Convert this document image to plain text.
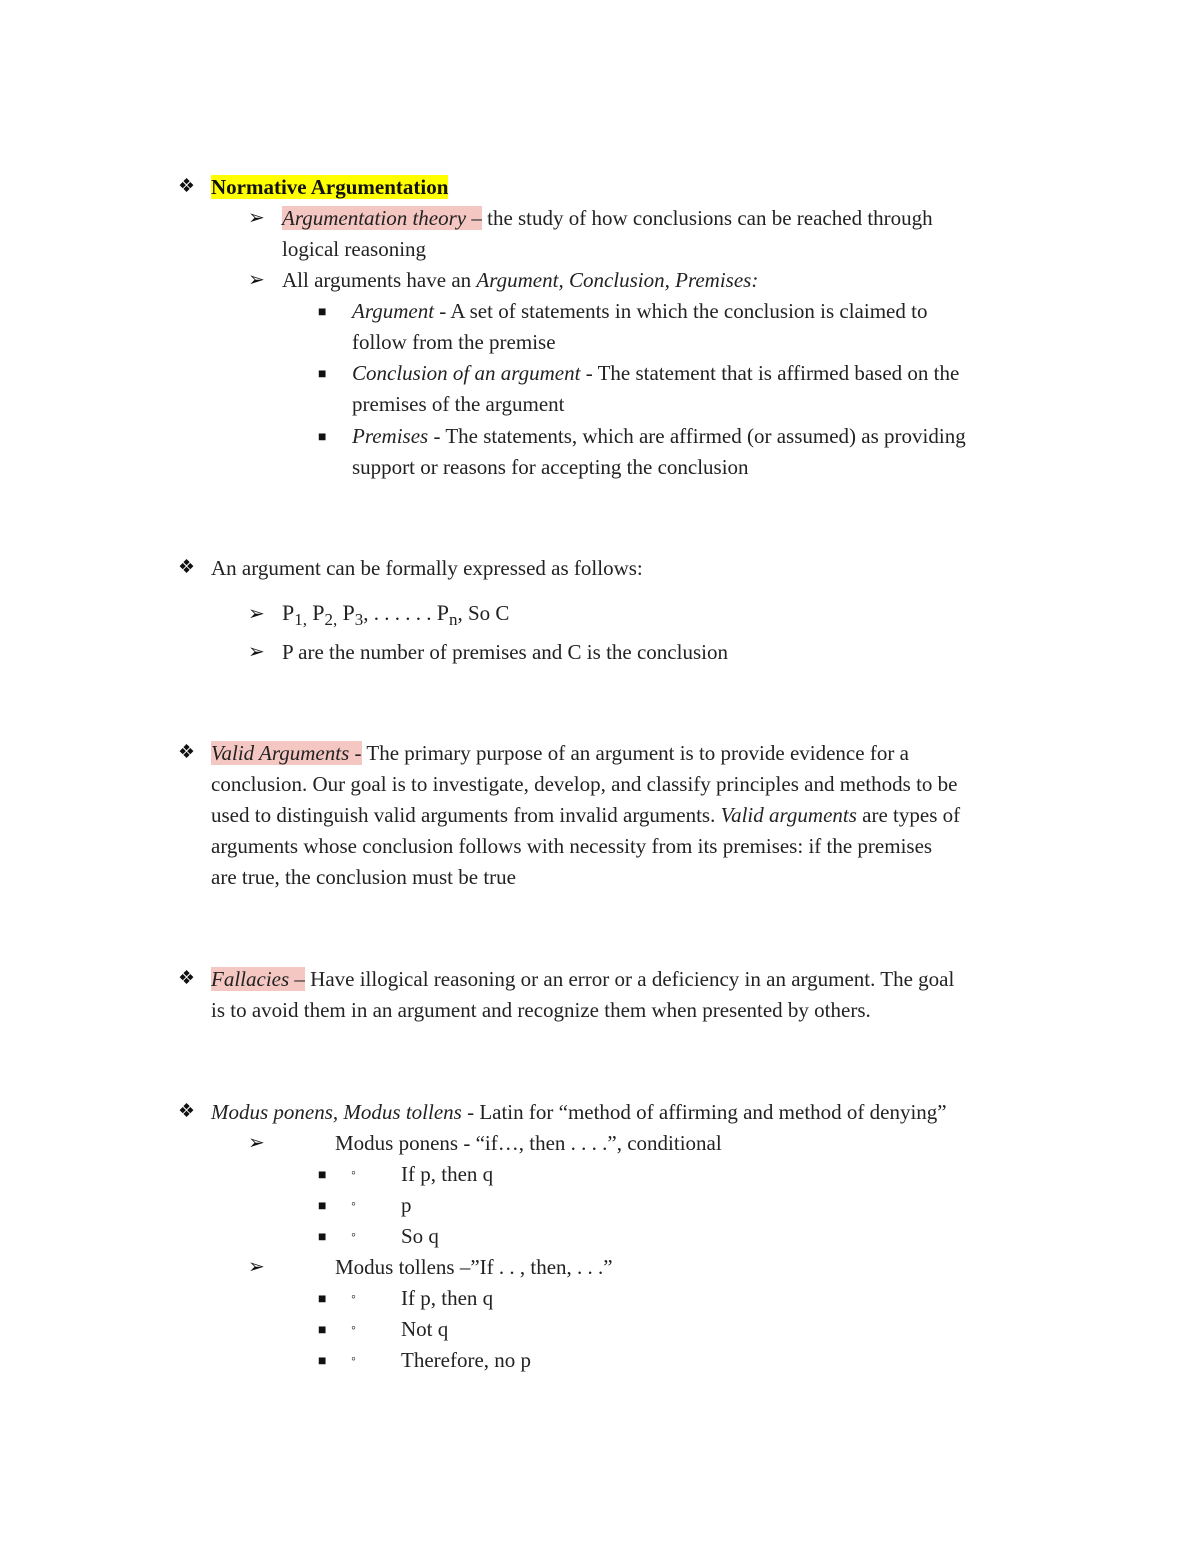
❖ Normative Argumentation
➢ Argumentation theory – the study of how conclusions can be reached through
logical reasoning
➢ All arguments have an Argument, Conclusion, Premises:
■ Argument - A set of statements in which the conclusion is claimed to
follow from the premise
■ Conclusion of an argument - The statement that is affirmed based on the
premises of the argument
■ Premises - The statements, which are affirmed (or assumed) as providing
support or reasons for accepting the conclusion
❖ An argument can be formally expressed as follows:
➢ $P_{1,}$ $P_{2,}$ $P_3$, . . . . . . $P_n$, So C
➢ P are the number of premises and C is the conclusion
❖ Valid Arguments - The primary purpose of an argument is to provide evidence for a
conclusion. Our goal is to investigate, develop, and classify principles and methods to be
used to distinguish valid arguments from invalid arguments. Valid arguments are types of
arguments whose conclusion follows with necessity from its premises: if the premises
are true, the conclusion must be true
❖ Fallacies – Have illogical reasoning or an error or a deficiency in an argument. The goal
is to avoid them in an argument and recognize them when presented by others.
❖ Modus ponens, Modus tollens - Latin for “method of affirming and method of denying”
➢	Modus ponens - “if…, then . . . .”, conditional
■ ◦ If p, then q
■ ◦ p
■ ◦ So q
➢	Modus tollens –”If . . , then, . . .”
■ ◦ If p, then q
■ ◦ Not q
■ ◦ Therefore, no p
